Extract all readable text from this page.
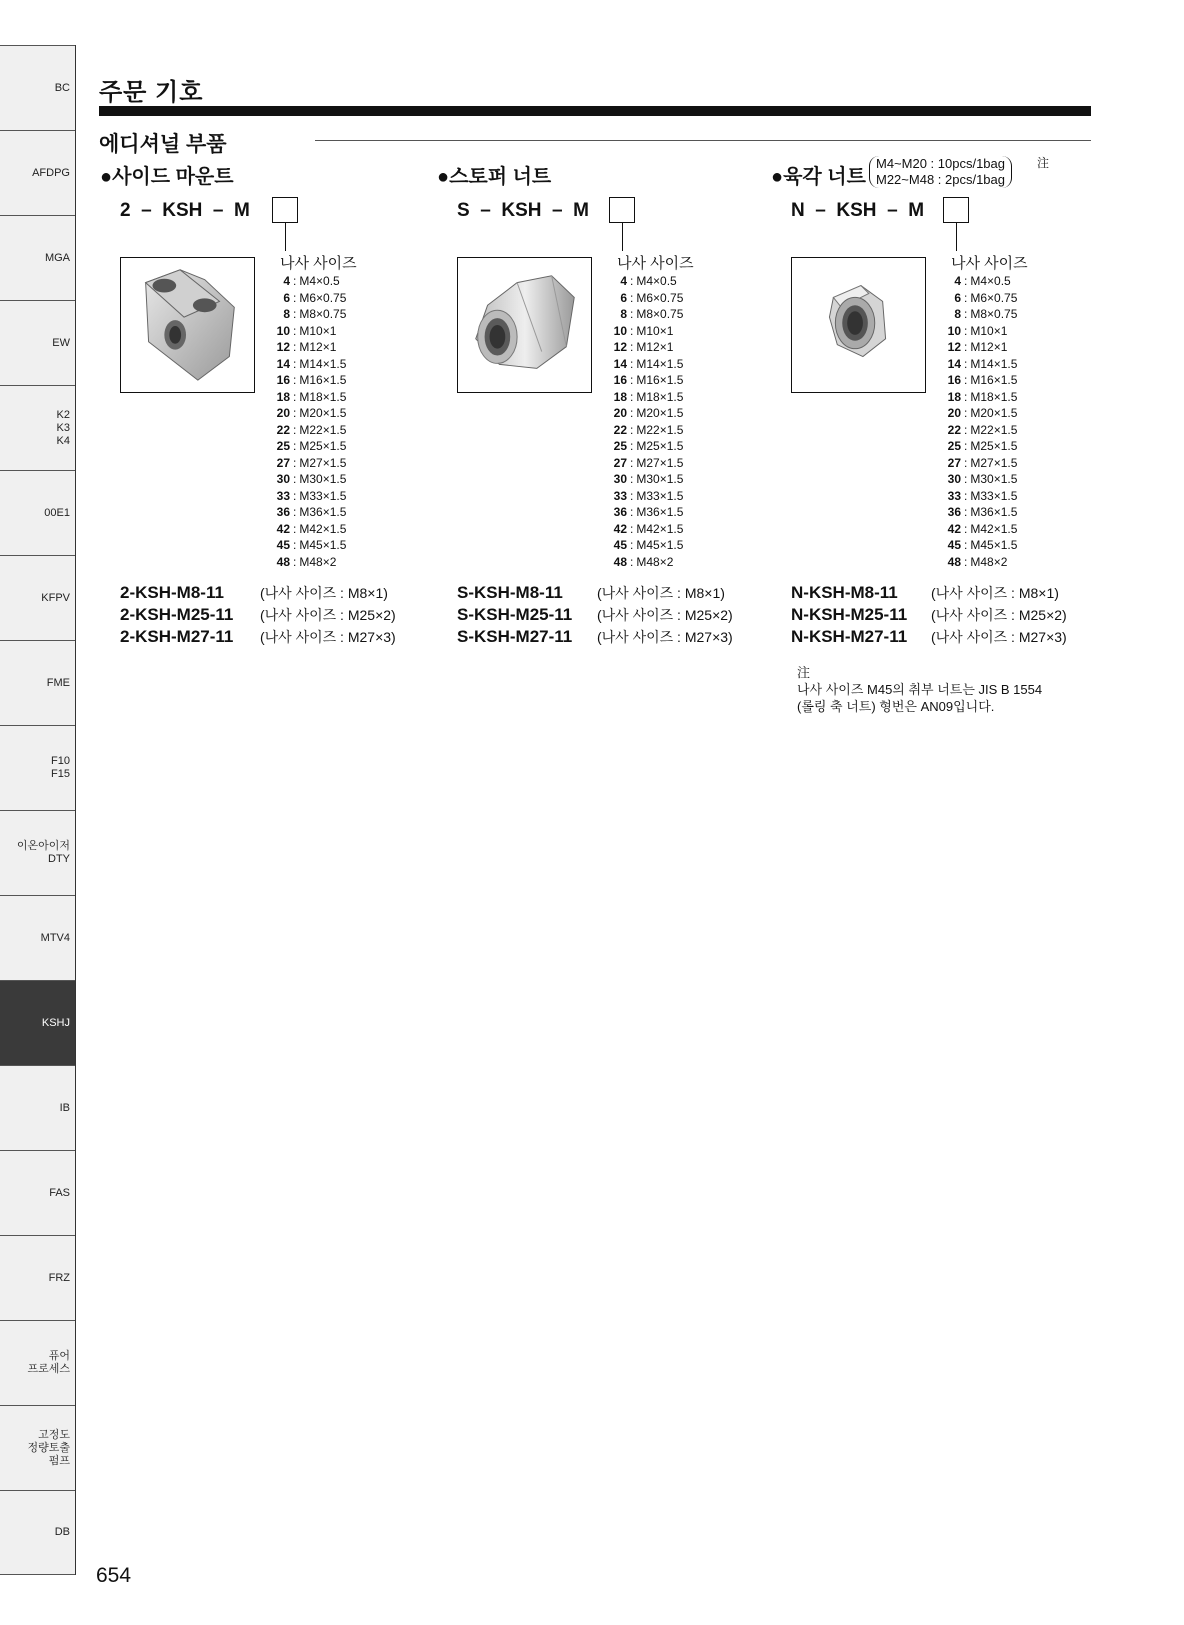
BC
AFDPG
MGA
EW
K2
K3
K4
00E1
KFPV
FME
F10
F15
이온아이저
DTY
MTV4
KSHJ
IB
FAS
FRZ
퓨어
프로세스
고정도
정량토출
펌프
DB
654
주문 기호
에디셔널 부품
●사이드 마운트
2  –  KSH  –  M
나사 사이즈
4 : M4×0.5
6 : M6×0.75
8 : M8×0.75
10 : M10×1
12 : M12×1
14 : M14×1.5
16 : M16×1.5
18 : M18×1.5
20 : M20×1.5
22 : M22×1.5
25 : M25×1.5
27 : M27×1.5
30 : M30×1.5
33 : M33×1.5
36 : M36×1.5
42 : M42×1.5
45 : M45×1.5
48 : M48×2
2-KSH-M8-11	(나사 사이즈 : M8×1)
2-KSH-M25-11	(나사 사이즈 : M25×2)
2-KSH-M27-11	(나사 사이즈 : M27×3)
●스토퍼 너트
S  –  KSH  –  M
나사 사이즈
4 : M4×0.5
6 : M6×0.75
8 : M8×0.75
10 : M10×1
12 : M12×1
14 : M14×1.5
16 : M16×1.5
18 : M18×1.5
20 : M20×1.5
22 : M22×1.5
25 : M25×1.5
27 : M27×1.5
30 : M30×1.5
33 : M33×1.5
36 : M36×1.5
42 : M42×1.5
45 : M45×1.5
48 : M48×2
S-KSH-M8-11	(나사 사이즈 : M8×1)
S-KSH-M25-11	(나사 사이즈 : M25×2)
S-KSH-M27-11	(나사 사이즈 : M27×3)
●육각 너트
M4~M20 : 10pcs/1bag
M22~M48 : 2pcs/1bag
注
N  –  KSH  –  M
나사 사이즈
4 : M4×0.5
6 : M6×0.75
8 : M8×0.75
10 : M10×1
12 : M12×1
14 : M14×1.5
16 : M16×1.5
18 : M18×1.5
20 : M20×1.5
22 : M22×1.5
25 : M25×1.5
27 : M27×1.5
30 : M30×1.5
33 : M33×1.5
36 : M36×1.5
42 : M42×1.5
45 : M45×1.5
48 : M48×2
N-KSH-M8-11	(나사 사이즈 : M8×1)
N-KSH-M25-11	(나사 사이즈 : M25×2)
N-KSH-M27-11	(나사 사이즈 : M27×3)
注
나사 사이즈 M45의 취부 너트는 JIS B 1554
(롤링 축 너트) 형번은 AN09입니다.
